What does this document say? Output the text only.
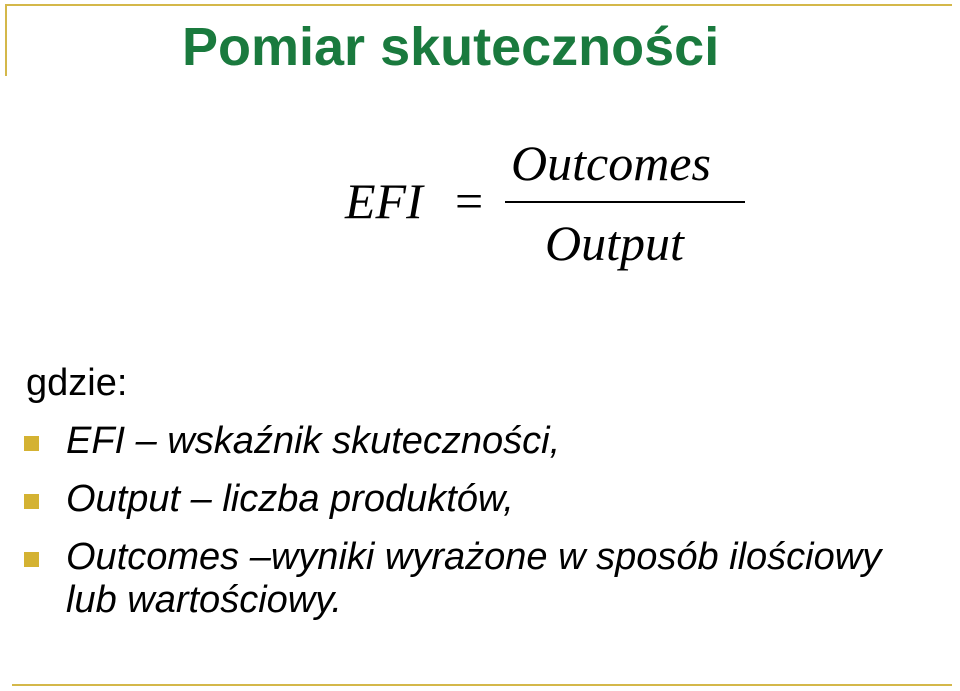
Pomiar skuteczności
EFI =
Outcomes
Output
gdzie:
EFI – wskaźnik skuteczności,
Output – liczba produktów,
Outcomes –wyniki wyrażone w sposób ilościowy lub wartościowy.
